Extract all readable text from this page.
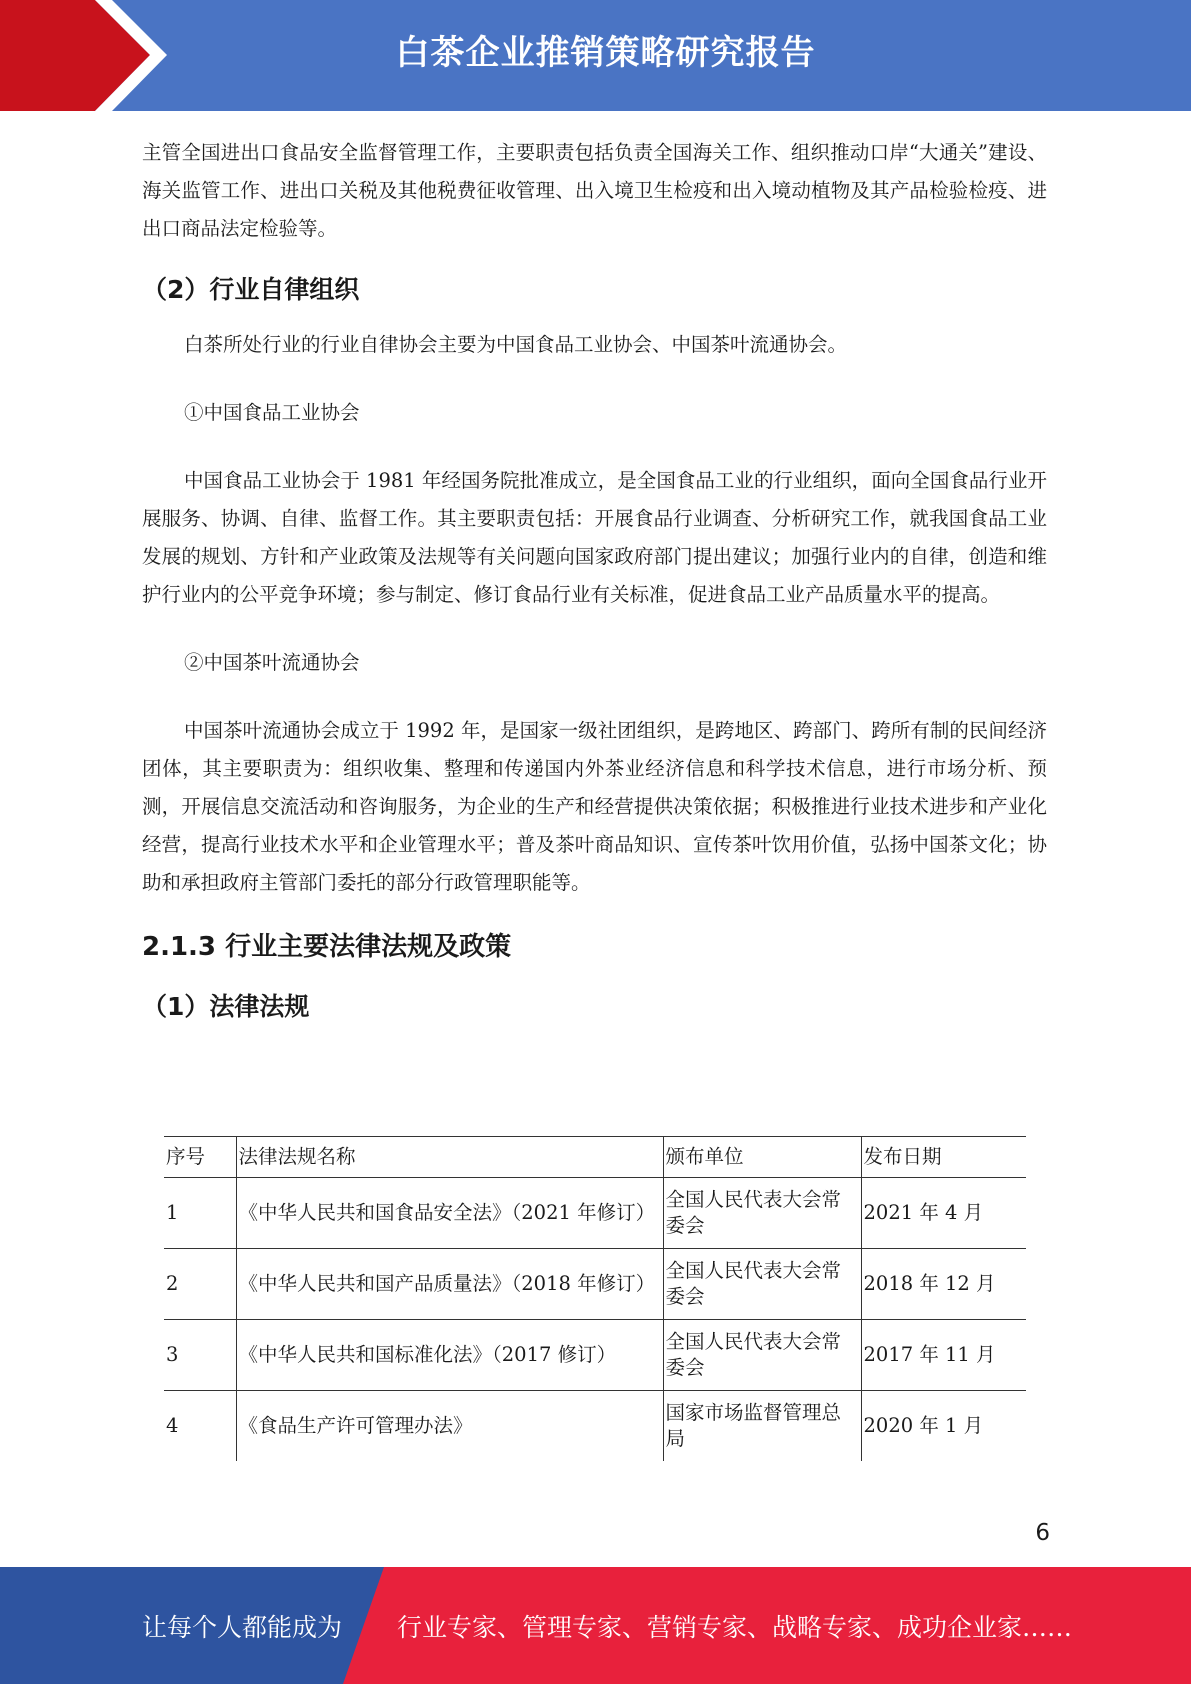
白茶企业推销策略研究报告

主管全国进出口食品安全监督管理工作，主要职责包括负责全国海关工作、组织推动口岸“大通关”建设、海关监管工作、进出口关税及其他税费征收管理、出入境卫生检疫和出入境动植物及其产品检验检疫、进出口商品法定检验等。

（2）行业自律组织

白茶所处行业的行业自律协会主要为中国食品工业协会、中国茶叶流通协会。

①中国食品工业协会

中国食品工业协会于 1981 年经国务院批准成立，是全国食品工业的行业组织，面向全国食品行业开展服务、协调、自律、监督工作。其主要职责包括：开展食品行业调查、分析研究工作，就我国食品工业发展的规划、方针和产业政策及法规等有关问题向国家政府部门提出建议；加强行业内的自律，创造和维护行业内的公平竞争环境；参与制定、修订食品行业有关标准，促进食品工业产品质量水平的提高。

②中国茶叶流通协会

中国茶叶流通协会成立于 1992 年，是国家一级社团组织，是跨地区、跨部门、跨所有制的民间经济团体，其主要职责为：组织收集、整理和传递国内外茶业经济信息和科学技术信息，进行市场分析、预测，开展信息交流活动和咨询服务，为企业的生产和经营提供决策依据；积极推进行业技术进步和产业化经营，提高行业技术水平和企业管理水平；普及茶叶商品知识、宣传茶叶饮用价值，弘扬中国茶文化；协助和承担政府主管部门委托的部分行政管理职能等。

2.1.3 行业主要法律法规及政策

（1）法律法规

序号	法律法规名称	颁布单位	发布日期
1	《中华人民共和国食品安全法》（2021 年修订）	全国人民代表大会常委会	2021 年 4 月
2	《中华人民共和国产品质量法》（2018 年修订）	全国人民代表大会常委会	2018 年 12 月
3	《中华人民共和国标准化法》（2017 修订）	全国人民代表大会常委会	2017 年 11 月
4	《食品生产许可管理办法》	国家市场监督管理总局	2020 年 1 月
6
让每个人都能成为 行业专家、管理专家、营销专家、战略专家、成功企业家……
